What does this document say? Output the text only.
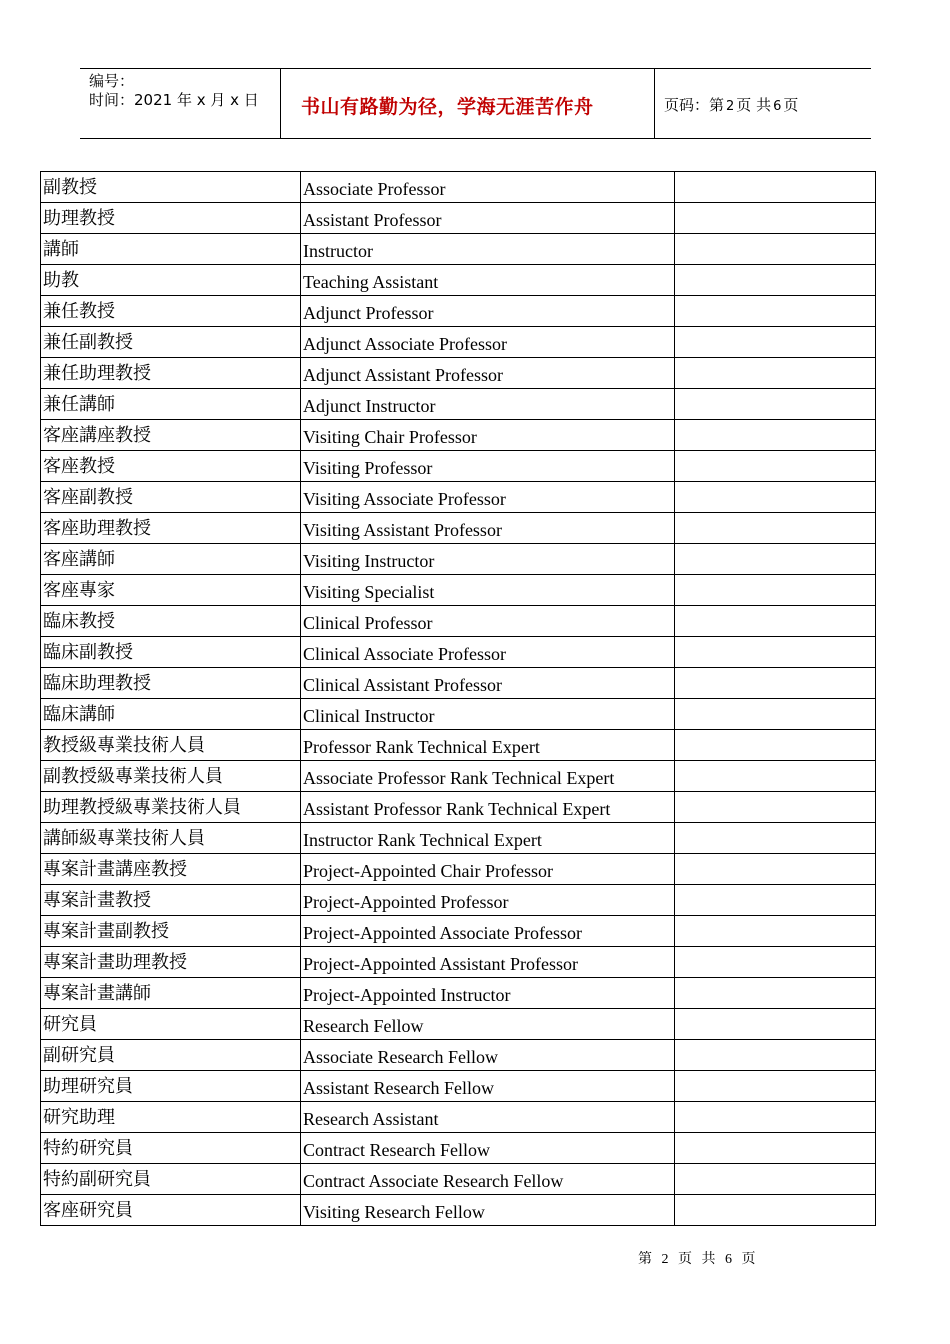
编号：
时间：2021 年 x 月 x 日 书山有路勤为径，学海无涯苦作舟	页码：第 2 页 共 6 页
副教授	Associate Professor	
助理教授	Assistant Professor	
講師	Instructor	
助教	Teaching Assistant	
兼任教授	Adjunct Professor	
兼任副教授	Adjunct Associate Professor	
兼任助理教授	Adjunct Assistant Professor	
兼任講師	Adjunct Instructor	
客座講座教授	Visiting Chair Professor	
客座教授	Visiting Professor	
客座副教授	Visiting Associate Professor	
客座助理教授	Visiting Assistant Professor	
客座講師	Visiting Instructor	
客座專家	Visiting Specialist	
臨床教授	Clinical Professor	
臨床副教授	Clinical Associate Professor	
臨床助理教授	Clinical Assistant Professor	
臨床講師	Clinical Instructor	
教授級專業技術人員	Professor Rank Technical Expert	
副教授級專業技術人員	Associate Professor Rank Technical Expert	
助理教授級專業技術人員	Assistant Professor Rank Technical Expert	
講師級專業技術人員	Instructor Rank Technical Expert	
專案計畫講座教授	Project-Appointed Chair Professor	
專案計畫教授	Project-Appointed Professor	
專案計畫副教授	Project-Appointed Associate Professor	
專案計畫助理教授	Project-Appointed Assistant Professor	
專案計畫講師	Project-Appointed Instructor	
研究員	Research Fellow	
副研究員	Associate Research Fellow	
助理研究員	Assistant Research Fellow	
研究助理	Research Assistant	
特約研究員	Contract Research Fellow	
特約副研究員	Contract Associate Research Fellow	
客座研究員	Visiting Research Fellow	
第 2 页 共 6 页
